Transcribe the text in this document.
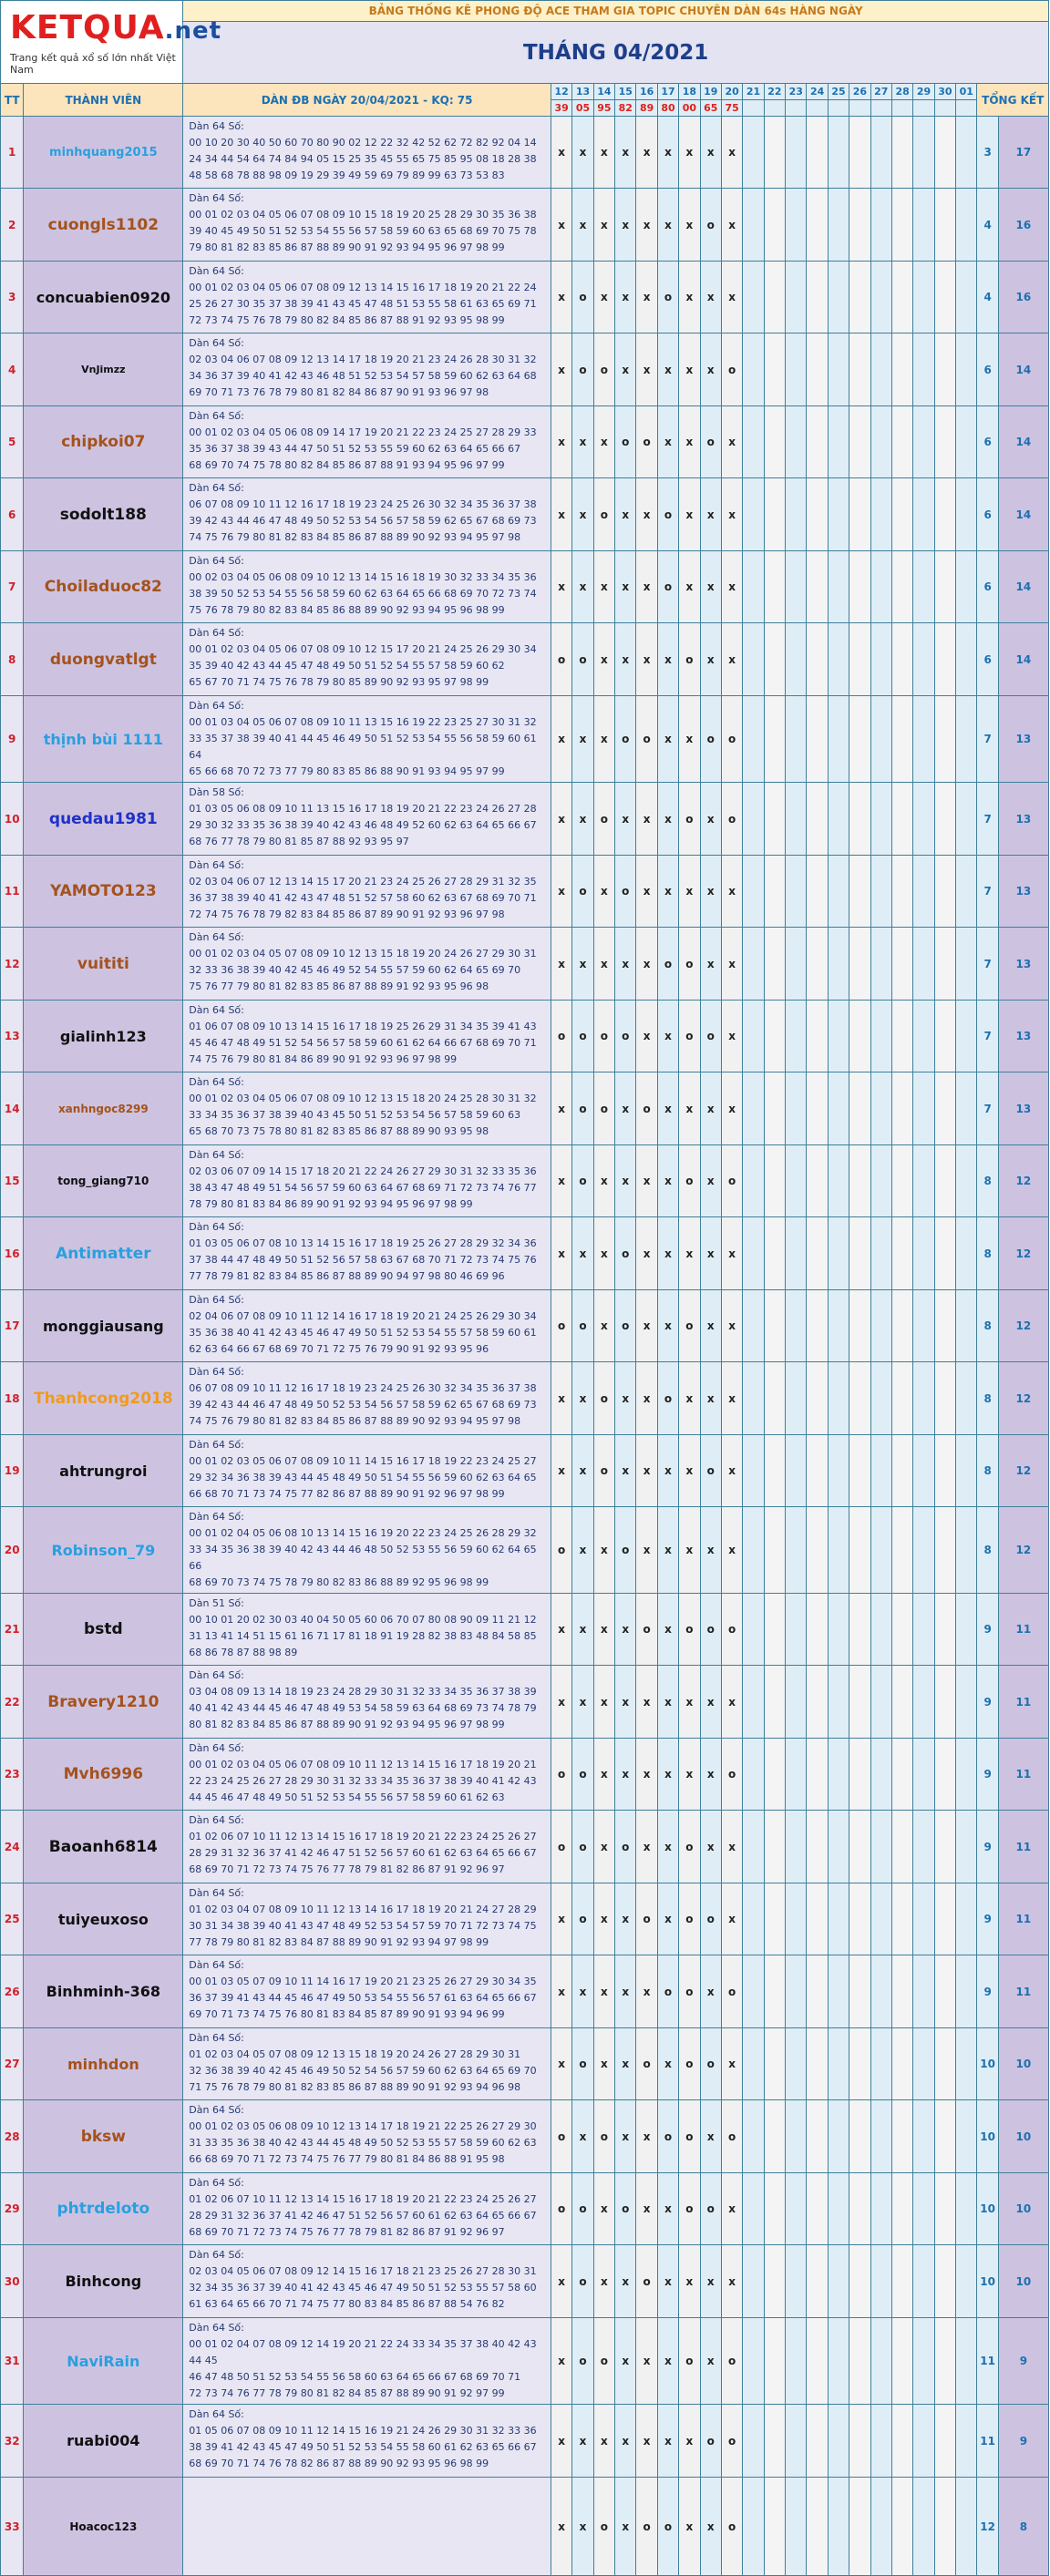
KETQUA.net
Trang kết quả xổ số lớn nhất Việt Nam		BẢNG THỐNG KÊ PHONG ĐỘ ACE THAM GIA TOPIC CHUYÊN DÀN 64s HÀNG NGÀY																						
		THÁNG 04/2021																						
TT	THÀNH VIÊN	DÀN ĐB NGÀY 20/04/2021 - KQ: 75	12	13	14	15	16	17	18	19	20	21	22	23	24	25	26	27	28	29	30	01	TỔNG KẾT	
			39	05	95	82	89	80	00	65	75													
1	minhquang2015	Dàn 64 Số:
00 10 20 30 40 50 60 70 80 90 02 12 22 32 42 52 62 72 82 92 04 14
24 34 44 54 64 74 84 94 05 15 25 35 45 55 65 75 85 95 08 18 28 38
48 58 68 78 88 98 09 19 29 39 49 59 69 79 89 99 63 73 53 83	x	x	x	x	x	x	x	x	x												3	17
2	cuongls1102	Dàn 64 Số:
00 01 02 03 04 05 06 07 08 09 10 15 18 19 20 25 28 29 30 35 36 38
39 40 45 49 50 51 52 53 54 55 56 57 58 59 60 63 65 68 69 70 75 78
79 80 81 82 83 85 86 87 88 89 90 91 92 93 94 95 96 97 98 99	x	x	x	x	x	x	x	o	x												4	16
3	concuabien0920	Dàn 64 Số:
00 01 02 03 04 05 06 07 08 09 12 13 14 15 16 17 18 19 20 21 22 24
25 26 27 30 35 37 38 39 41 43 45 47 48 51 53 55 58 61 63 65 69 71
72 73 74 75 76 78 79 80 82 84 85 86 87 88 91 92 93 95 98 99	x	o	x	x	x	o	x	x	x												4	16
4	VnJimzz	Dàn 64 Số:
02 03 04 06 07 08 09 12 13 14 17 18 19 20 21 23 24 26 28 30 31 32
34 36 37 39 40 41 42 43 46 48 51 52 53 54 57 58 59 60 62 63 64 68
69 70 71 73 76 78 79 80 81 82 84 86 87 90 91 93 96 97 98	x	o	o	x	x	x	x	x	o												6	14
5	chipkoi07	Dàn 64 Số:
00 01 02 03 04 05 06 08 09 14 17 19 20 21 22 23 24 25 27 28 29 33
35 36 37 38 39 43 44 47 50 51 52 53 55 59 60 62 63 64 65 66 67
68 69 70 74 75 78 80 82 84 85 86 87 88 91 93 94 95 96 97 99	x	x	x	o	o	x	x	o	x												6	14
6	sodolt188	Dàn 64 Số:
06 07 08 09 10 11 12 16 17 18 19 23 24 25 26 30 32 34 35 36 37 38
39 42 43 44 46 47 48 49 50 52 53 54 56 57 58 59 62 65 67 68 69 73
74 75 76 79 80 81 82 83 84 85 86 87 88 89 90 92 93 94 95 97 98	x	x	o	x	x	o	x	x	x												6	14
7	Choiladuoc82	Dàn 64 Số:
00 02 03 04 05 06 08 09 10 12 13 14 15 16 18 19 30 32 33 34 35 36
38 39 50 52 53 54 55 56 58 59 60 62 63 64 65 66 68 69 70 72 73 74
75 76 78 79 80 82 83 84 85 86 88 89 90 92 93 94 95 96 98 99	x	x	x	x	x	o	x	x	x												6	14
8	duongvatlgt	Dàn 64 Số:
00 01 02 03 04 05 06 07 08 09 10 12 15 17 20 21 24 25 26 29 30 34
35 39 40 42 43 44 45 47 48 49 50 51 52 54 55 57 58 59 60 62
65 67 70 71 74 75 76 78 79 80 85 89 90 92 93 95 97 98 99	o	o	x	x	x	x	o	x	x												6	14
9	thịnh bùi 1111	Dàn 64 Số:
00 01 03 04 05 06 07 08 09 10 11 13 15 16 19 22 23 25 27 30 31 32
33 35 37 38 39 40 41 44 45 46 49 50 51 52 53 54 55 56 58 59 60 61 64
65 66 68 70 72 73 77 79 80 83 85 86 88 90 91 93 94 95 97 99	x	x	x	o	o	x	x	o	o												7	13
10	quedau1981	Dàn 58 Số:
01 03 05 06 08 09 10 11 13 15 16 17 18 19 20 21 22 23 24 26 27 28
29 30 32 33 35 36 38 39 40 42 43 46 48 49 52 60 62 63 64 65 66 67
68 76 77 78 79 80 81 85 87 88 92 93 95 97	x	x	o	x	x	x	o	x	o												7	13
11	YAMOTO123	Dàn 64 Số:
02 03 04 06 07 12 13 14 15 17 20 21 23 24 25 26 27 28 29 31 32 35
36 37 38 39 40 41 42 43 47 48 51 52 57 58 60 62 63 67 68 69 70 71
72 74 75 76 78 79 82 83 84 85 86 87 89 90 91 92 93 96 97 98	x	o	x	o	x	x	x	x	x												7	13
12	vuititi	Dàn 64 Số:
00 01 02 03 04 05 07 08 09 10 12 13 15 18 19 20 24 26 27 29 30 31
32 33 36 38 39 40 42 45 46 49 52 54 55 57 59 60 62 64 65 69 70
75 76 77 79 80 81 82 83 85 86 87 88 89 91 92 93 95 96 98	x	x	x	x	x	o	o	x	x												7	13
13	gialinh123	Dàn 64 Số:
01 06 07 08 09 10 13 14 15 16 17 18 19 25 26 29 31 34 35 39 41 43
45 46 47 48 49 51 52 54 56 57 58 59 60 61 62 64 66 67 68 69 70 71
74 75 76 79 80 81 84 86 89 90 91 92 93 96 97 98 99	o	o	o	o	x	x	o	o	x												7	13
14	xanhngoc8299	Dàn 64 Số:
00 01 02 03 04 05 06 07 08 09 10 12 13 15 18 20 24 25 28 30 31 32
33 34 35 36 37 38 39 40 43 45 50 51 52 53 54 56 57 58 59 60 63
65 68 70 73 75 78 80 81 82 83 85 86 87 88 89 90 93 95 98	x	o	o	x	o	x	x	x	x												7	13
15	tong_giang710	Dàn 64 Số:
02 03 06 07 09 14 15 17 18 20 21 22 24 26 27 29 30 31 32 33 35 36
38 43 47 48 49 51 54 56 57 59 60 63 64 67 68 69 71 72 73 74 76 77
78 79 80 81 83 84 86 89 90 91 92 93 94 95 96 97 98 99	x	o	x	x	x	x	o	x	o												8	12
16	Antimatter	Dàn 64 Số:
01 03 05 06 07 08 10 13 14 15 16 17 18 19 25 26 27 28 29 32 34 36
37 38 44 47 48 49 50 51 52 56 57 58 63 67 68 70 71 72 73 74 75 76
77 78 79 81 82 83 84 85 86 87 88 89 90 94 97 98 80 46 69 96	x	x	x	o	x	x	x	x	x												8	12
17	monggiausang	Dàn 64 Số:
02 04 06 07 08 09 10 11 12 14 16 17 18 19 20 21 24 25 26 29 30 34
35 36 38 40 41 42 43 45 46 47 49 50 51 52 53 54 55 57 58 59 60 61
62 63 64 66 67 68 69 70 71 72 75 76 79 90 91 92 93 95 96	o	o	x	o	x	x	o	x	x												8	12
18	Thanhcong2018	Dàn 64 Số:
06 07 08 09 10 11 12 16 17 18 19 23 24 25 26 30 32 34 35 36 37 38
39 42 43 44 46 47 48 49 50 52 53 54 56 57 58 59 62 65 67 68 69 73
74 75 76 79 80 81 82 83 84 85 86 87 88 89 90 92 93 94 95 97 98	x	x	o	x	x	o	x	x	x												8	12
19	ahtrungroi	Dàn 64 Số:
00 01 02 03 05 06 07 08 09 10 11 14 15 16 17 18 19 22 23 24 25 27
29 32 34 36 38 39 43 44 45 48 49 50 51 54 55 56 59 60 62 63 64 65
66 68 70 71 73 74 75 77 82 86 87 88 89 90 91 92 96 97 98 99	x	x	o	x	x	x	x	o	x												8	12
20	Robinson_79	Dàn 64 Số:
00 01 02 04 05 06 08 10 13 14 15 16 19 20 22 23 24 25 26 28 29 32
33 34 35 36 38 39 40 42 43 44 46 48 50 52 53 55 56 59 60 62 64 65 66
68 69 70 73 74 75 78 79 80 82 83 86 88 89 92 95 96 98 99	o	x	x	o	x	x	x	x	x												8	12
21	bstd	Dàn 51 Số:
00 10 01 20 02 30 03 40 04 50 05 60 06 70 07 80 08 90 09 11 21 12
31 13 41 14 51 15 61 16 71 17 81 18 91 19 28 82 38 83 48 84 58 85
68 86 78 87 88 98 89	x	x	x	x	o	x	o	o	o												9	11
22	Bravery1210	Dàn 64 Số:
03 04 08 09 13 14 18 19 23 24 28 29 30 31 32 33 34 35 36 37 38 39
40 41 42 43 44 45 46 47 48 49 53 54 58 59 63 64 68 69 73 74 78 79
80 81 82 83 84 85 86 87 88 89 90 91 92 93 94 95 96 97 98 99	x	x	x	x	x	x	x	x	x												9	11
23	Mvh6996	Dàn 64 Số:
00 01 02 03 04 05 06 07 08 09 10 11 12 13 14 15 16 17 18 19 20 21
22 23 24 25 26 27 28 29 30 31 32 33 34 35 36 37 38 39 40 41 42 43
44 45 46 47 48 49 50 51 52 53 54 55 56 57 58 59 60 61 62 63	o	o	x	x	x	x	x	x	o												9	11
24	Baoanh6814	Dàn 64 Số:
01 02 06 07 10 11 12 13 14 15 16 17 18 19 20 21 22 23 24 25 26 27
28 29 31 32 36 37 41 42 46 47 51 52 56 57 60 61 62 63 64 65 66 67
68 69 70 71 72 73 74 75 76 77 78 79 81 82 86 87 91 92 96 97	o	o	x	o	x	x	o	x	x												9	11
25	tuiyeuxoso	Dàn 64 Số:
01 02 03 04 07 08 09 10 11 12 13 14 16 17 18 19 20 21 24 27 28 29
30 31 34 38 39 40 41 43 47 48 49 52 53 54 57 59 70 71 72 73 74 75
77 78 79 80 81 82 83 84 87 88 89 90 91 92 93 94 97 98 99	x	o	x	x	o	x	o	o	x												9	11
26	Binhminh-368	Dàn 64 Số:
00 01 03 05 07 09 10 11 14 16 17 19 20 21 23 25 26 27 29 30 34 35
36 37 39 41 43 44 45 46 47 49 50 53 54 55 56 57 61 63 64 65 66 67
69 70 71 73 74 75 76 80 81 83 84 85 87 89 90 91 93 94 96 99	x	x	x	x	x	o	o	x	o												9	11
27	minhdon	Dàn 64 Số:
01 02 03 04 05 07 08 09 12 13 15 18 19 20 24 26 27 28 29 30 31
32 36 38 39 40 42 45 46 49 50 52 54 56 57 59 60 62 63 64 65 69 70
71 75 76 78 79 80 81 82 83 85 86 87 88 89 90 91 92 93 94 96 98	x	o	x	x	o	x	o	o	x												10	10
28	bksw	Dàn 64 Số:
00 01 02 03 05 06 08 09 10 12 13 14 17 18 19 21 22 25 26 27 29 30
31 33 35 36 38 40 42 43 44 45 48 49 50 52 53 55 57 58 59 60 62 63
66 68 69 70 71 72 73 74 75 76 77 79 80 81 84 86 88 91 95 98	o	x	o	x	x	o	o	x	o												10	10
29	phtrdeloto	Dàn 64 Số:
01 02 06 07 10 11 12 13 14 15 16 17 18 19 20 21 22 23 24 25 26 27
28 29 31 32 36 37 41 42 46 47 51 52 56 57 60 61 62 63 64 65 66 67
68 69 70 71 72 73 74 75 76 77 78 79 81 82 86 87 91 92 96 97	o	o	x	o	x	x	o	o	x												10	10
30	Binhcong	Dàn 64 Số:
02 03 04 05 06 07 08 09 12 14 15 16 17 18 21 23 25 26 27 28 30 31
32 34 35 36 37 39 40 41 42 43 45 46 47 49 50 51 52 53 55 57 58 60
61 63 64 65 66 70 71 74 75 77 80 83 84 85 86 87 88 54 76 82	x	o	x	x	o	x	x	x	x												10	10
31	NaviRain	Dàn 64 Số:
00 01 02 04 07 08 09 12 14 19 20 21 22 24 33 34 35 37 38 40 42 43 44 45
46 47 48 50 51 52 53 54 55 56 58 60 63 64 65 66 67 68 69 70 71
72 73 74 76 77 78 79 80 81 82 84 85 87 88 89 90 91 92 97 99	x	o	o	x	x	x	o	x	o												11	9
32	ruabi004	Dàn 64 Số:
01 05 06 07 08 09 10 11 12 14 15 16 19 21 24 26 29 30 31 32 33 36
38 39 41 42 43 45 47 49 50 51 52 53 54 55 58 60 61 62 63 65 66 67
68 69 70 71 74 76 78 82 86 87 88 89 90 92 93 95 96 98 99	x	x	x	x	x	x	x	o	o												11	9
33	Hoacoc123		x	x	o	x	o	o	x	x	o												12	8
